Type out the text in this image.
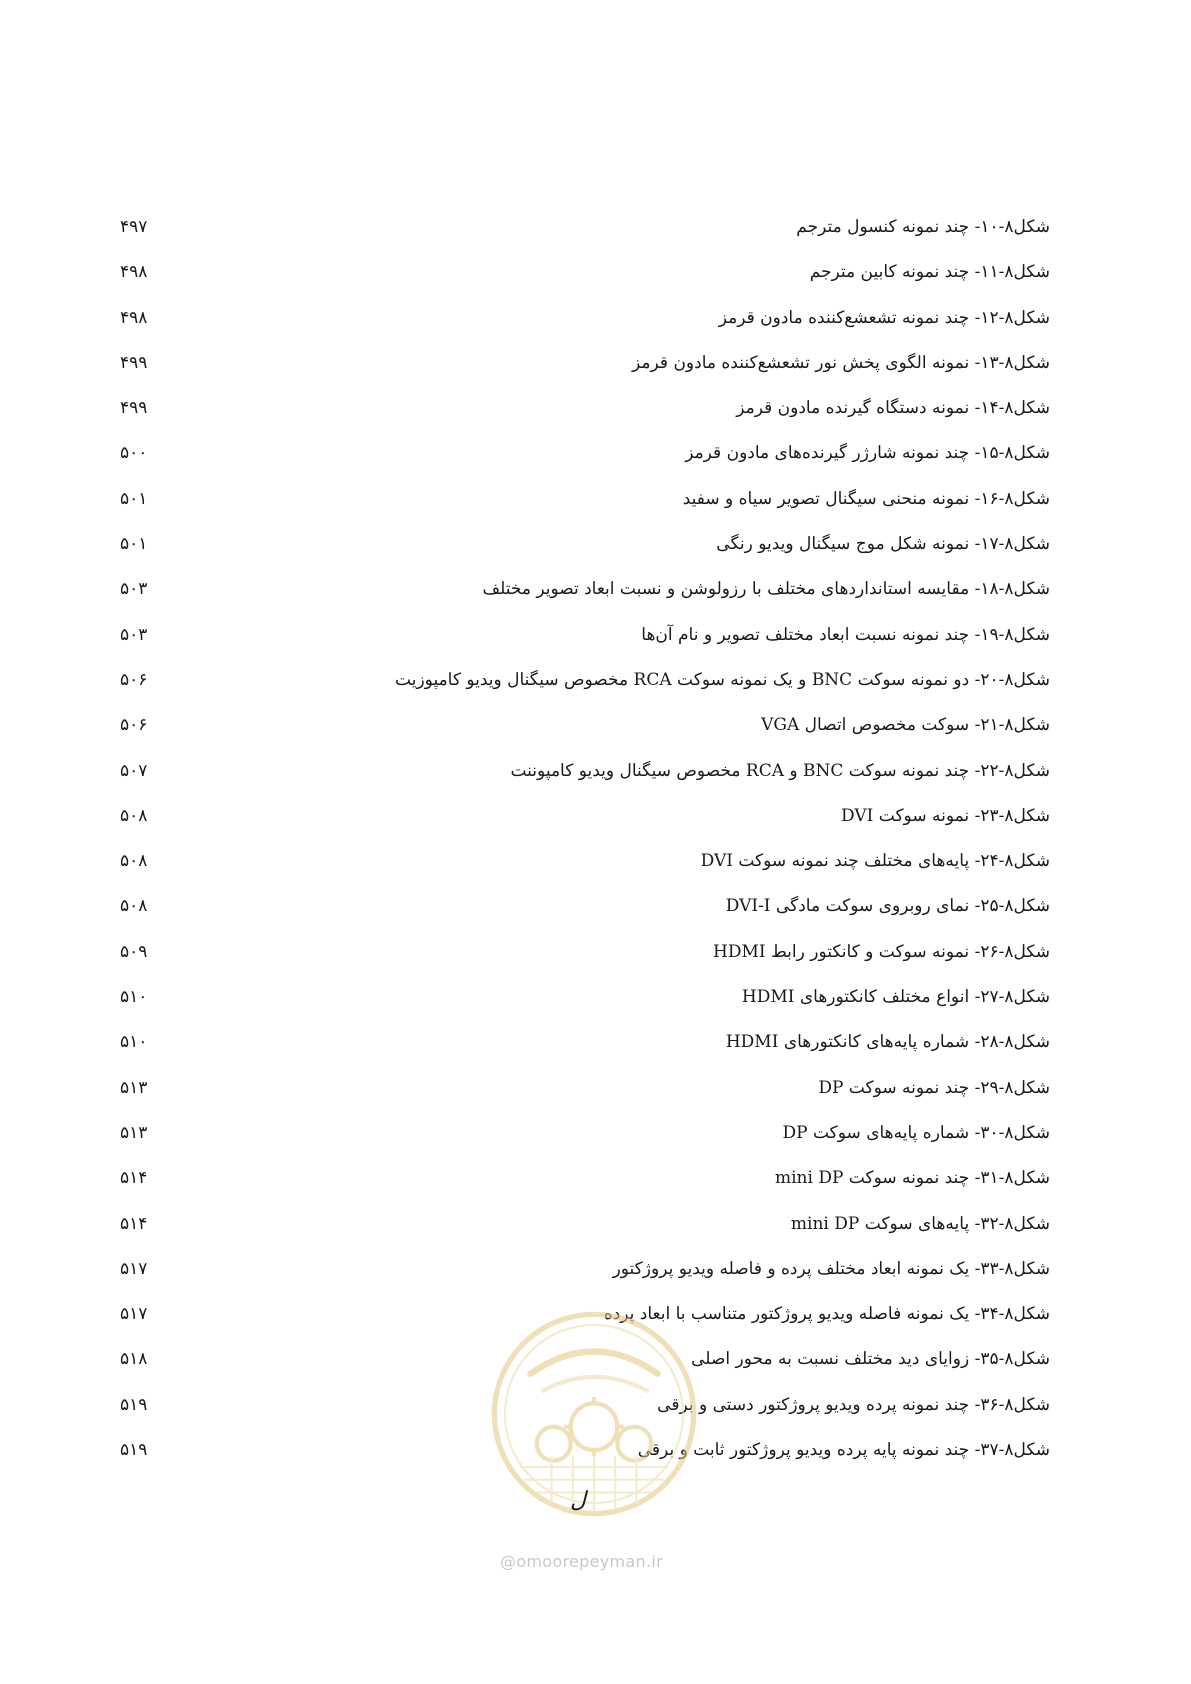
شکل۸-۱۰- چند نمونه کنسول مترجم
۴۹۷
شکل۸-۱۱- چند نمونه کابین مترجم
۴۹۸
شکل۸-۱۲- چند نمونه تشعشع‌کننده مادون قرمز
۴۹۸
شکل۸-۱۳- نمونه الگوی پخش نور تشعشع‌کننده مادون قرمز
۴۹۹
شکل۸-۱۴- نمونه دستگاه گیرنده مادون قرمز
۴۹۹
شکل۸-۱۵- چند نمونه شارژر گیرنده‌های مادون قرمز
۵۰۰
شکل۸-۱۶- نمونه منحنی سیگنال تصویر سیاه و سفید
۵۰۱
شکل۸-۱۷- نمونه شکل موج سیگنال ویدیو رنگی
۵۰۱
شکل۸-۱۸- مقایسه استانداردهای مختلف با رزولوشن و نسبت ابعاد تصویر مختلف
۵۰۳
شکل۸-۱۹- چند نمونه نسبت ابعاد مختلف تصویر و نام آن‌ها
۵۰۳
شکل۸-۲۰- دو نمونه سوکت BNC و یک نمونه سوکت RCA مخصوص سیگنال ویدیو کامپوزیت
۵۰۶
شکل۸-۲۱- سوکت مخصوص اتصال VGA
۵۰۶
شکل۸-۲۲- چند نمونه سوکت BNC و RCA مخصوص سیگنال ویدیو کامپوننت
۵۰۷
شکل۸-۲۳- نمونه سوکت DVI
۵۰۸
شکل۸-۲۴- پایه‌های مختلف چند نمونه سوکت DVI
۵۰۸
شکل۸-۲۵- نمای روبروی سوکت مادگی DVI-I
۵۰۸
شکل۸-۲۶- نمونه سوکت و کانکتور رابط HDMI
۵۰۹
شکل۸-۲۷- انواع مختلف کانکتورهای HDMI
۵۱۰
شکل۸-۲۸- شماره پایه‌های کانکتورهای HDMI
۵۱۰
شکل۸-۲۹- چند نمونه سوکت DP
۵۱۳
شکل۸-۳۰- شماره پایه‌های سوکت DP
۵۱۳
شکل۸-۳۱- چند نمونه سوکت mini DP
۵۱۴
شکل۸-۳۲- پایه‌های سوکت mini DP
۵۱۴
شکل۸-۳۳- یک نمونه ابعاد مختلف پرده و فاصله ویدیو پروژکتور
۵۱۷
شکل۸-۳۴- یک نمونه فاصله ویدیو پروژکتور متناسب با ابعاد پرده
۵۱۷
شکل۸-۳۵- زوایای دید مختلف نسبت به محور اصلی
۵۱۸
شکل۸-۳۶- چند نمونه پرده ویدیو پروژکتور دستی و برقی
۵۱۹
شکل۸-۳۷- چند نمونه پایه پرده ویدیو پروژکتور ثابت و برقی
۵۱۹
@omoorepeyman.ir
ل
